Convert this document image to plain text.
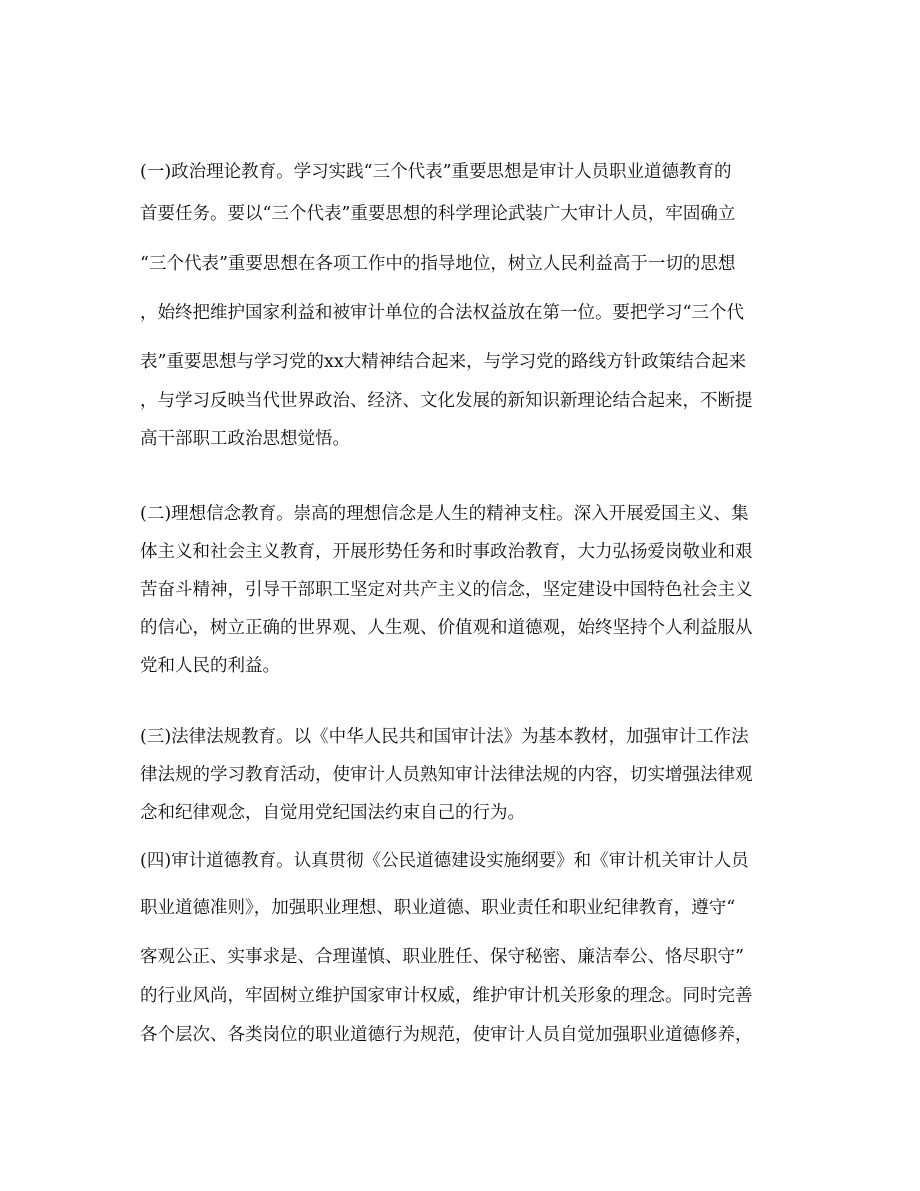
(一)政治理论教育。学习实践“三个代表”重要思想是审计人员职业道德教育的
首要任务。要以“三个代表”重要思想的科学理论武装广大审计人员，牢固确立
“三个代表”重要思想在各项工作中的指导地位，树立人民利益高于一切的思想
，始终把维护国家利益和被审计单位的合法权益放在第一位。要把学习“三个代
表”重要思想与学习党的xx大精神结合起来，与学习党的路线方针政策结合起来
，与学习反映当代世界政治、经济、文化发展的新知识新理论结合起来，不断提
高干部职工政治思想觉悟。
(二)理想信念教育。崇高的理想信念是人生的精神支柱。深入开展爱国主义、集
体主义和社会主义教育，开展形势任务和时事政治教育，大力弘扬爱岗敬业和艰
苦奋斗精神，引导干部职工坚定对共产主义的信念，坚定建设中国特色社会主义
的信心，树立正确的世界观、人生观、价值观和道德观，始终坚持个人利益服从
党和人民的利益。
(三)法律法规教育。以《中华人民共和国审计法》为基本教材，加强审计工作法
律法规的学习教育活动，使审计人员熟知审计法律法规的内容，切实增强法律观
念和纪律观念，自觉用党纪国法约束自己的行为。
(四)审计道德教育。认真贯彻《公民道德建设实施纲要》和《审计机关审计人员
职业道德准则》，加强职业理想、职业道德、职业责任和职业纪律教育，遵守“
客观公正、实事求是、合理谨慎、职业胜任、保守秘密、廉洁奉公、恪尽职守”
的行业风尚，牢固树立维护国家审计权威，维护审计机关形象的理念。同时完善
各个层次、各类岗位的职业道德行为规范，使审计人员自觉加强职业道德修养，
